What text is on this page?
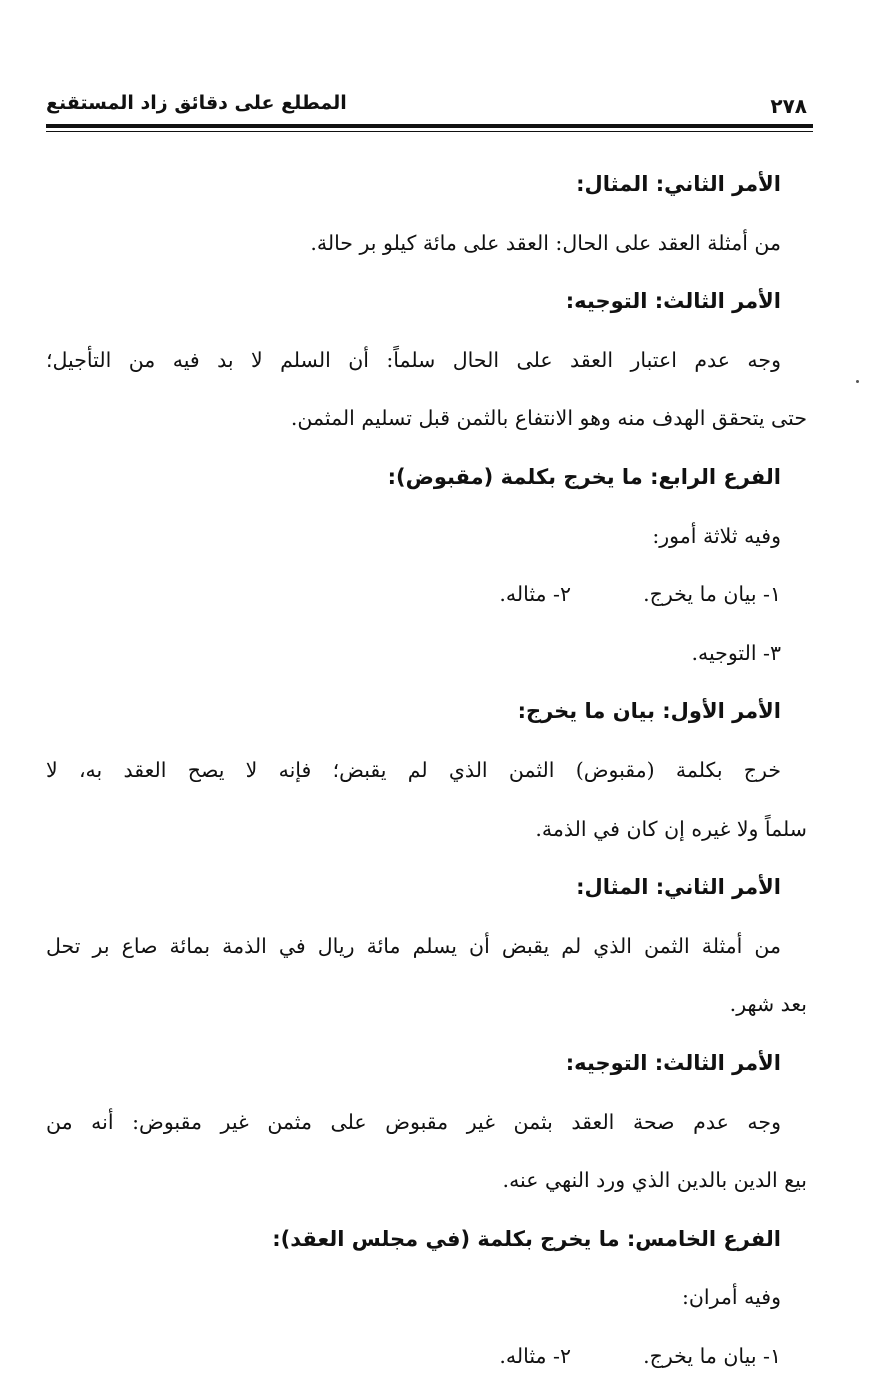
٢٧٨
المطلع على دقائق زاد المستقنع
الأمر الثاني: المثال:
من أمثلة العقد على الحال: العقد على مائة كيلو بر حالة.
الأمر الثالث: التوجيه:
وجه عدم اعتبار العقد على الحال سلماً: أن السلم لا بد فيه من التأجيل؛
حتى يتحقق الهدف منه وهو الانتفاع بالثمن قبل تسليم المثمن.
الفرع الرابع: ما يخرج بكلمة (مقبوض):
وفيه ثلاثة أمور:
١- بيان ما يخرج.
٢- مثاله.
٣- التوجيه.
الأمر الأول: بيان ما يخرج:
خرج بكلمة (مقبوض) الثمن الذي لم يقبض؛ فإنه لا يصح العقد به، لا
سلماً ولا غيره إن كان في الذمة.
الأمر الثاني: المثال:
من أمثلة الثمن الذي لم يقبض أن يسلم مائة ريال في الذمة بمائة صاع بر تحل
بعد شهر.
الأمر الثالث: التوجيه:
وجه عدم صحة العقد بثمن غير مقبوض على مثمن غير مقبوض: أنه من
بيع الدين بالدين الذي ورد النهي عنه.
الفرع الخامس: ما يخرج بكلمة (في مجلس العقد):
وفيه أمران:
١- بيان ما يخرج.
٢- مثاله.
